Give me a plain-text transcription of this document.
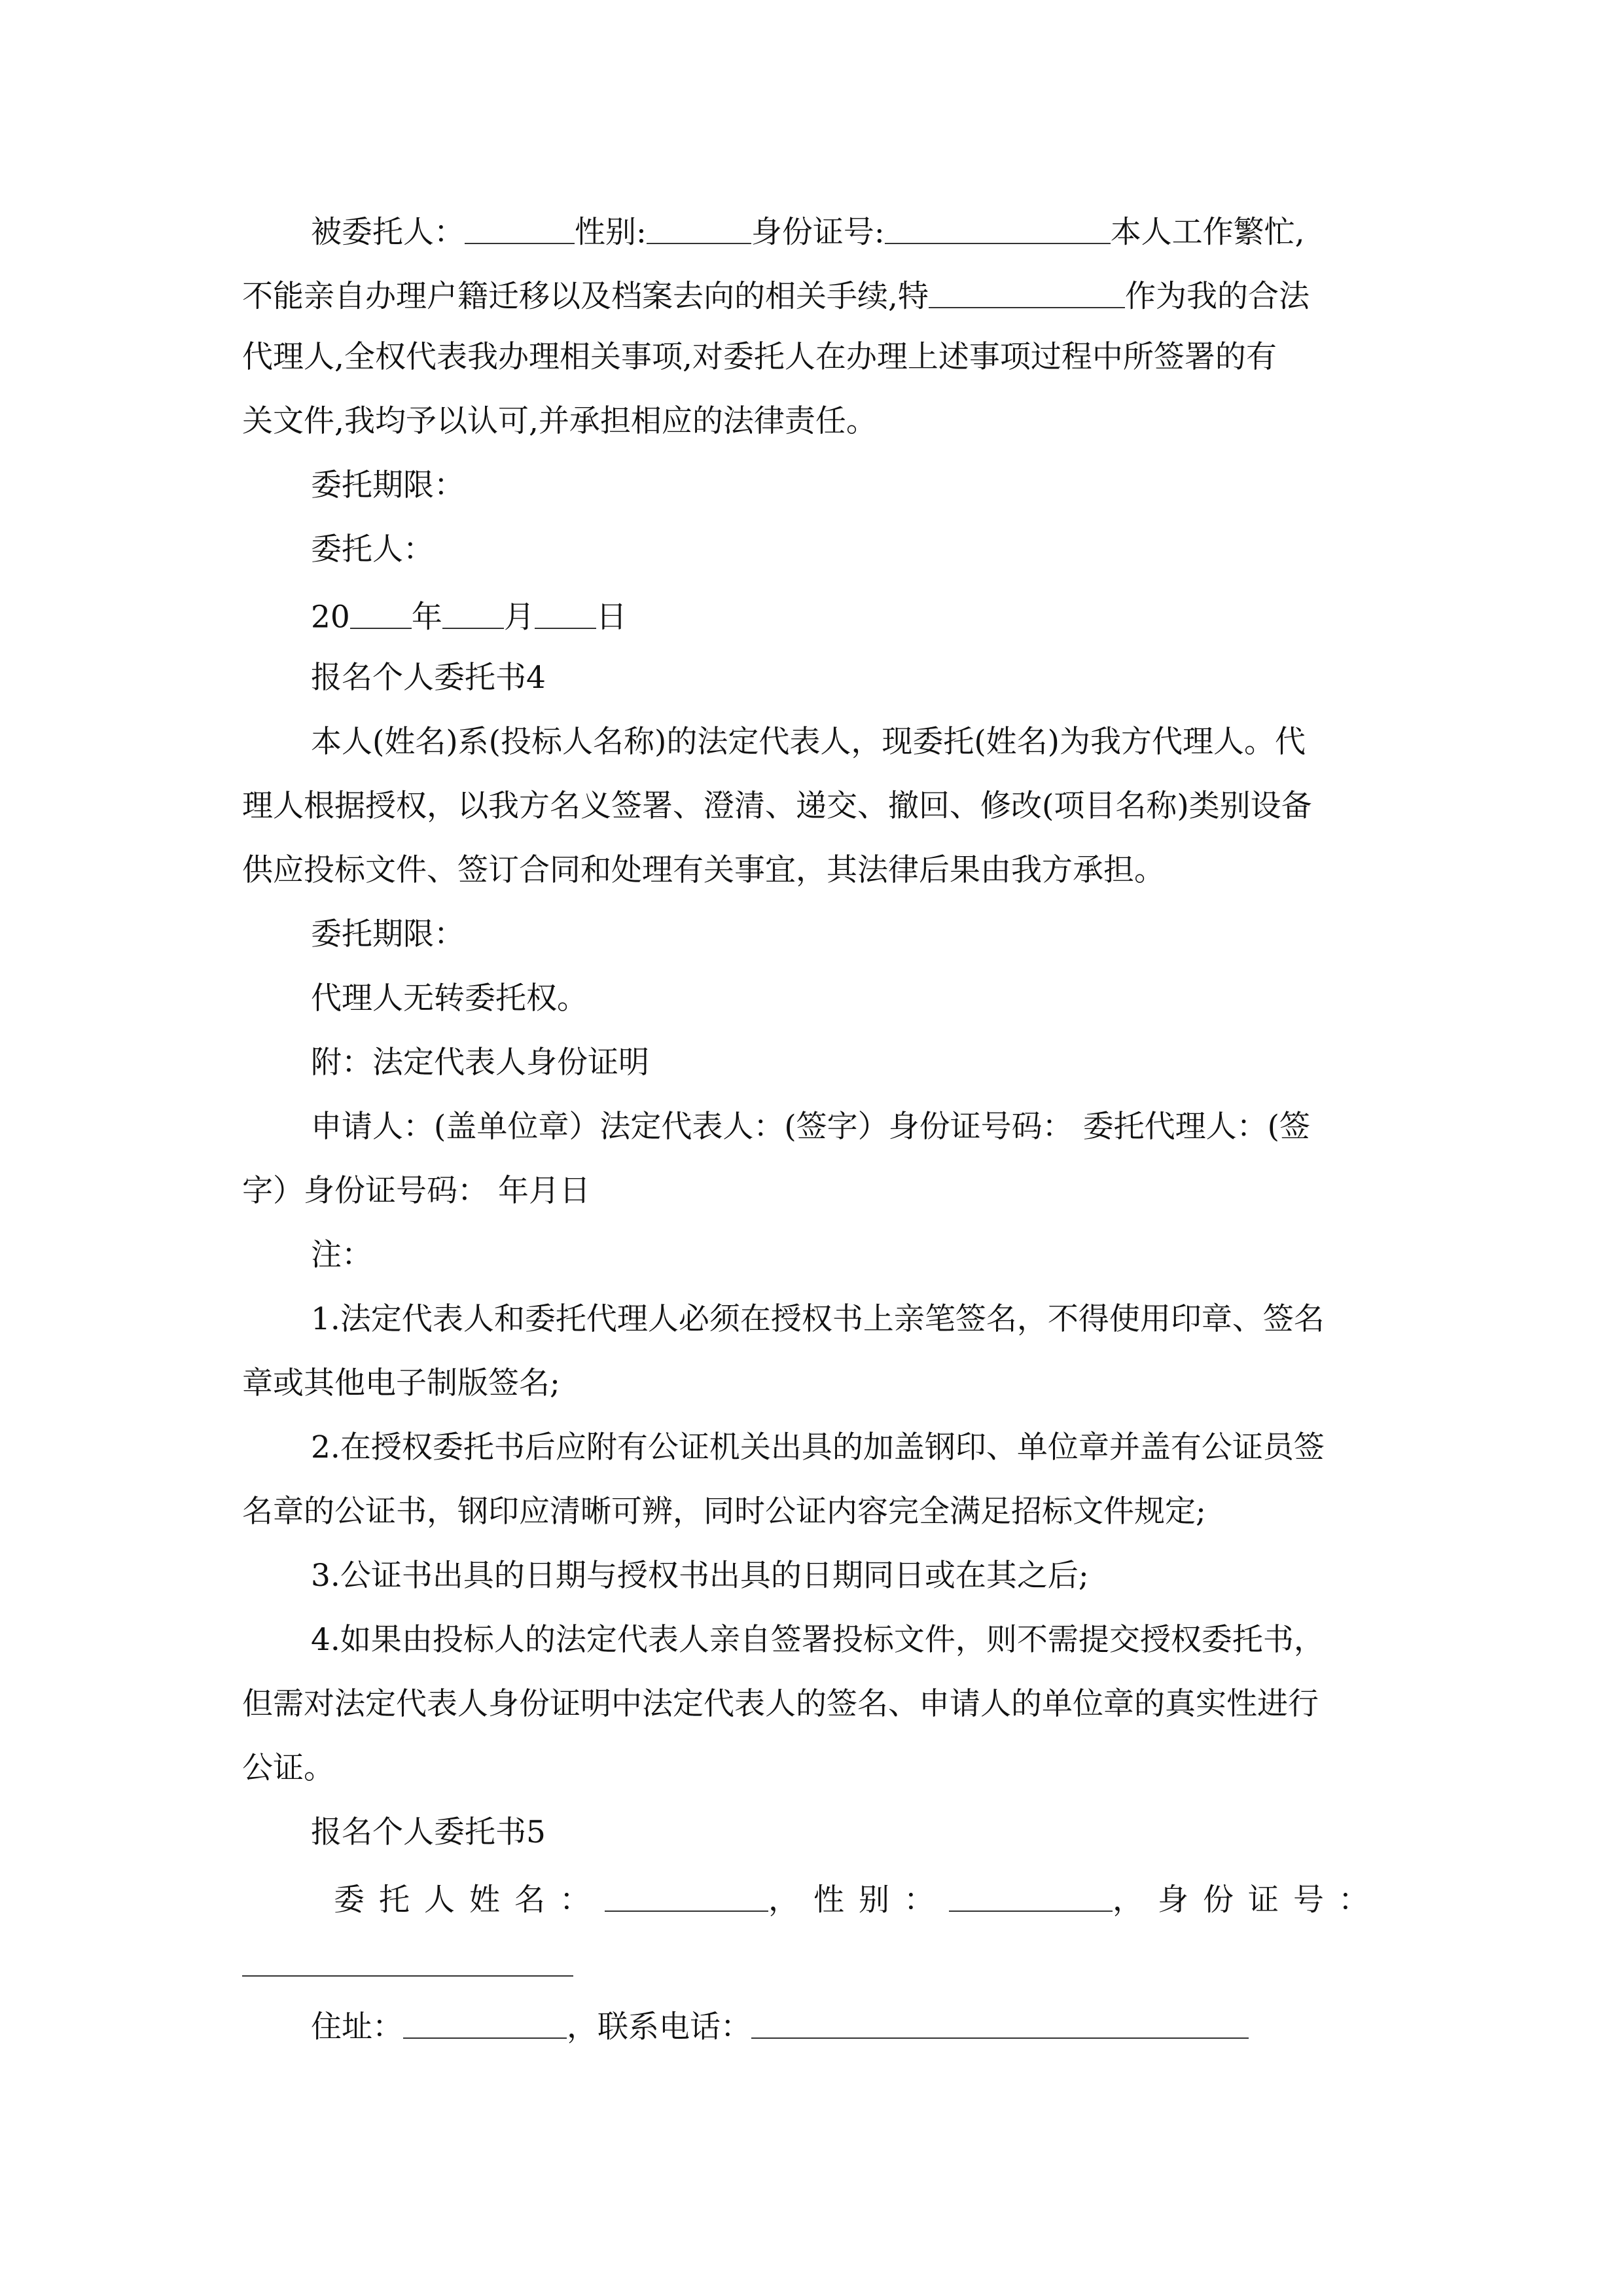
被委托人：	性别:	身份证号:	本人工作繁忙,
不能亲自办理户籍迁移以及档案去向的相关手续,特	作为我的合法
代理人,全权代表我办理相关事项,对委托人在办理上述事项过程中所签署的有
关文件,我均予以认可,并承担相应的法律责任。
委托期限：
委托人：
20 年 月 日
报名个人委托书4
本人(姓名)系(投标人名称)的法定代表人，现委托(姓名)为我方代理人。代
理人根据授权，以我方名义签署、澄清、递交、撤回、修改(项目名称)类别设备
供应投标文件、签订合同和处理有关事宜，其法律后果由我方承担。
委托期限：
代理人无转委托权。
附：法定代表人身份证明
申请人：(盖单位章）法定代表人：(签字）身份证号码： 委托代理人：(签
字）身份证号码： 年月日
注：
1.法定代表人和委托代理人必须在授权书上亲笔签名，不得使用印章、签名
章或其他电子制版签名;
2.在授权委托书后应附有公证机关出具的加盖钢印、单位章并盖有公证员签
名章的公证书，钢印应清晰可辨，同时公证内容完全满足招标文件规定;
3.公证书出具的日期与授权书出具的日期同日或在其之后;
4.如果由投标人的法定代表人亲自签署投标文件，则不需提交授权委托书，
但需对法定代表人身份证明中法定代表人的签名、申请人的单位章的真实性进行
公证。
报名个人委托书5
委托人姓名：	，性别：	，身份证号：
住址：	，联系电话：
